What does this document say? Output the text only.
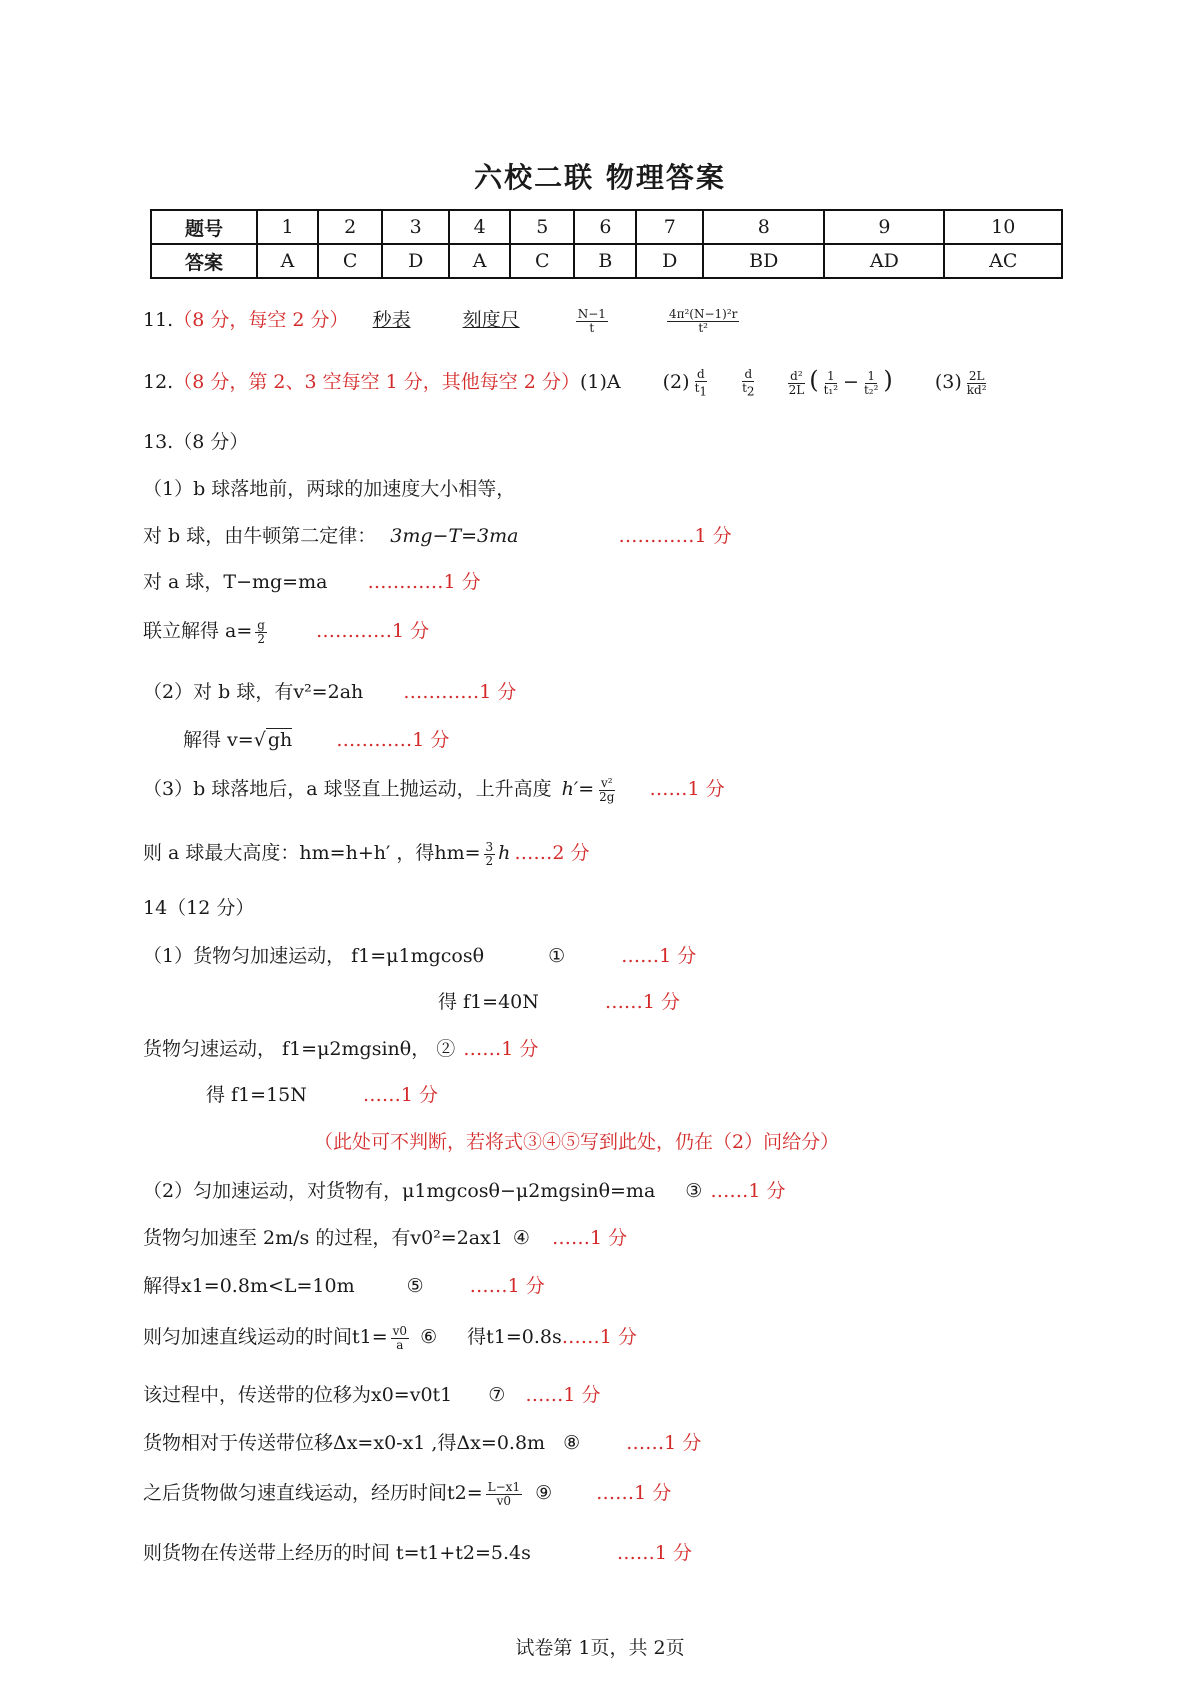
六校二联 物理答案
题号	1	2	3	4	5	6	7	8	9	10
答案	A	C	D	A	C	B	D	BD	AD	AC
11.（8 分，每空 2 分） 秒表	刻度尺	$\frac{N-1}{t}$
	$\frac{\text{4π²(N−1)²r}}{\text{t²}}$
12.（8 分，第 2、3 空每空 1 分，其他每空 2 分）(1)A $(2) \frac{d}{t_1}$
	$\frac{d}{t_2}$
	$\frac{\text{d²}}{2L}$ ( $\frac{1}{\text{t₁²}} - \frac{1}{\text{t₂²}}$ ) $(3) \frac{2L}{\text{kd²}}$
13.（8 分）
（1）b 球落地前，两球的加速度大小相等，
对 b 球，由牛顿第二定律： 3mg−T=3ma	…………1 分
对 a 球，T−mg=ma …………1 分
联立解得 $a= \frac{g}{2}$	…………1 分
（2）对 b 球，有v²=2ah …………1 分
解得 v=√ gh …………1 分
（3）b 球落地后，a 球竖直上抛运动，上升高度 $h'= \frac{\text{v²}}{2g}$ ……1 分
则 a 球最大高度：hm=h+h′ ，得$hm= \frac{3}{2}$ h ……2 分
14（12 分）
（1）货物匀加速运动， f1=μ1mgcosθ	①	……1 分
得 f1=40N	……1 分
货物匀速运动， f1=μ2mgsinθ， ② ……1 分
得 f1=15N	……1 分
（此处可不判断，若将式③④⑤写到此处，仍在（2）问给分）
（2）匀加速运动，对货物有，μ1mgcosθ−μ2mgsinθ=ma ③ ……1 分
货物匀加速至 2m/s 的过程，有v0²=2ax1 ④ ……1 分
解得x1=0.8m<L=10m	⑤ ……1 分
则匀加速直线运动的时间$t1= \frac{v0}{a}$ ⑥ 得t1=0.8s……1 分
该过程中，传送带的位移为x0=v0t1 ⑦ ……1 分
货物相对于传送带位移Δx=x0-x1 ,得Δx=0.8m ⑧ ……1 分
之后货物做匀速直线运动，经历时间$t2= \frac{L-x1}{v0}$ ⑨ ……1 分
则货物在传送带上经历的时间 t=t1+t2=5.4s	……1 分
试卷第 1页，共 2页
